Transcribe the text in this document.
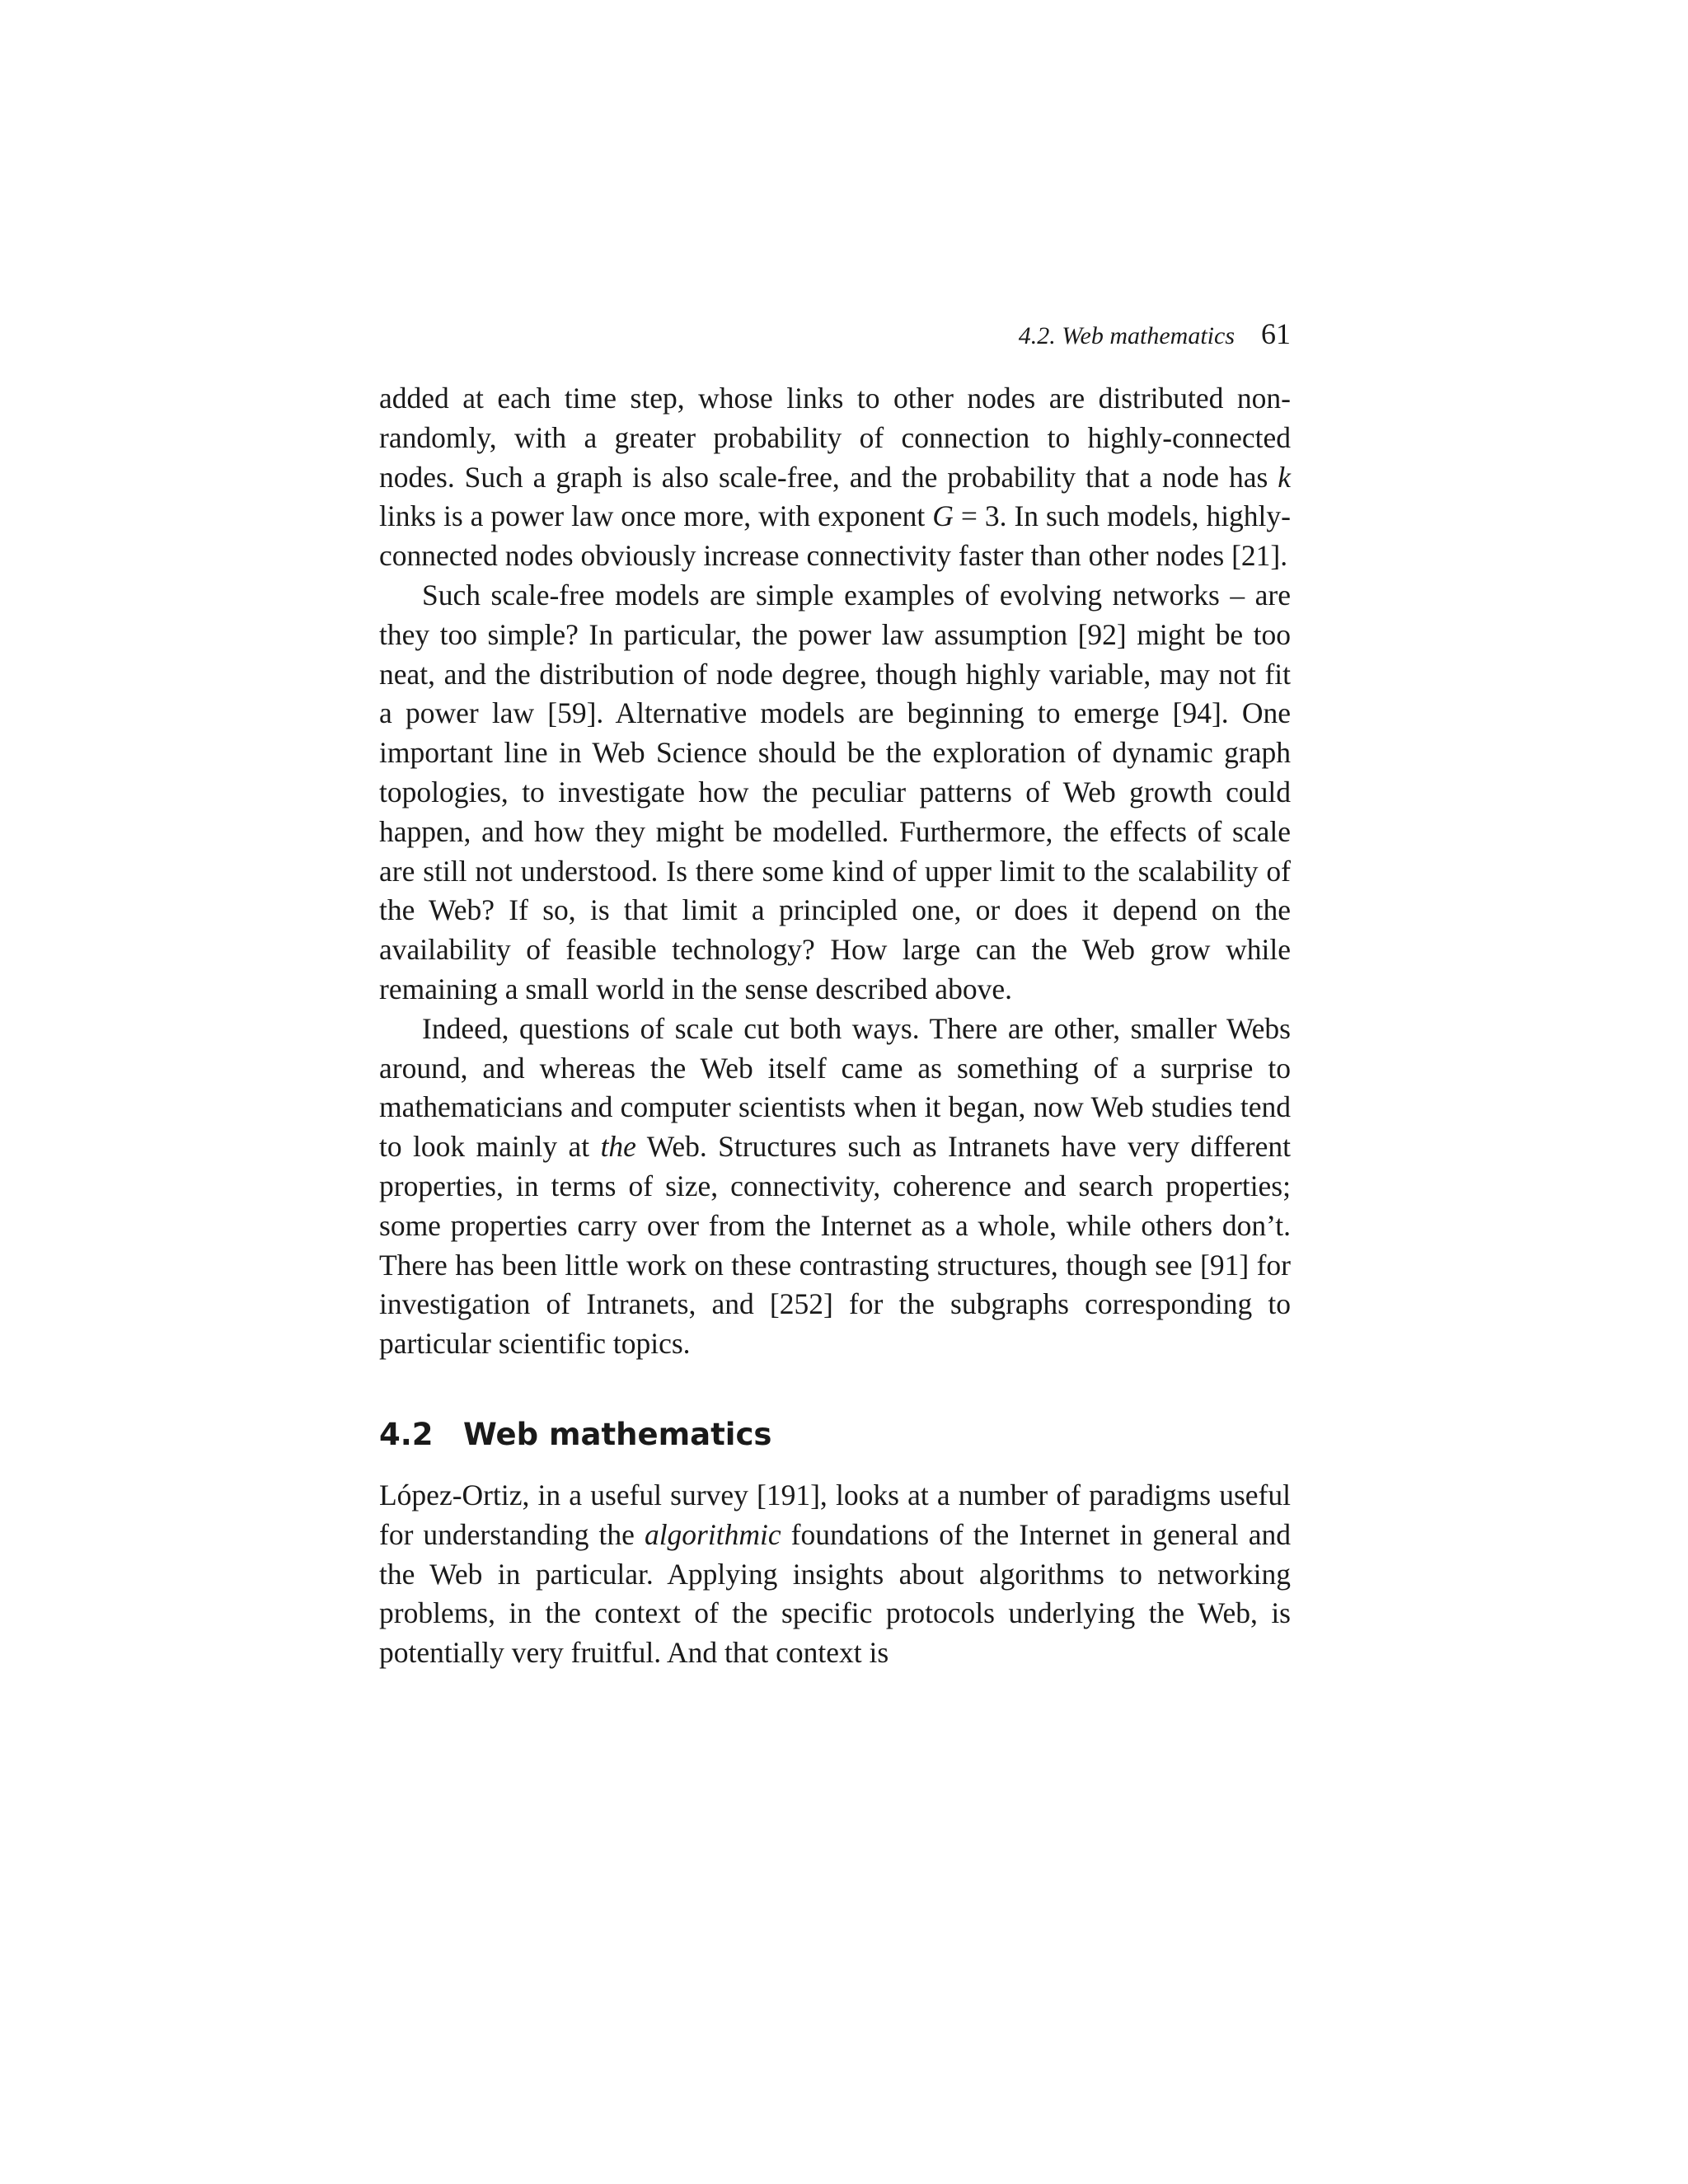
4.2. Web mathematics 61

added at each time step, whose links to other nodes are distributed non-randomly, with a greater probability of connection to highly-connected nodes. Such a graph is also scale-free, and the probability that a node has k links is a power law once more, with exponent G = 3. In such models, highly-connected nodes obviously increase connectivity faster than other nodes [21].

Such scale-free models are simple examples of evolving networks – are they too simple? In particular, the power law assumption [92] might be too neat, and the distribution of node degree, though highly variable, may not fit a power law [59]. Alternative models are beginning to emerge [94]. One important line in Web Science should be the exploration of dynamic graph topologies, to investigate how the peculiar patterns of Web growth could happen, and how they might be modelled. Furthermore, the effects of scale are still not understood. Is there some kind of upper limit to the scalability of the Web? If so, is that limit a principled one, or does it depend on the availability of feasible technology? How large can the Web grow while remaining a small world in the sense described above.

Indeed, questions of scale cut both ways. There are other, smaller Webs around, and whereas the Web itself came as something of a surprise to mathematicians and computer scientists when it began, now Web studies tend to look mainly at the Web. Structures such as Intranets have very different properties, in terms of size, connectivity, coherence and search properties; some properties carry over from the Internet as a whole, while others don’t. There has been little work on these contrasting structures, though see [91] for investigation of Intranets, and [252] for the subgraphs corresponding to particular scientific topics.

4.2 Web mathematics

López-Ortiz, in a useful survey [191], looks at a number of paradigms useful for understanding the algorithmic foundations of the Internet in general and the Web in particular. Applying insights about algorithms to networking problems, in the context of the specific protocols underlying the Web, is potentially very fruitful. And that context is
